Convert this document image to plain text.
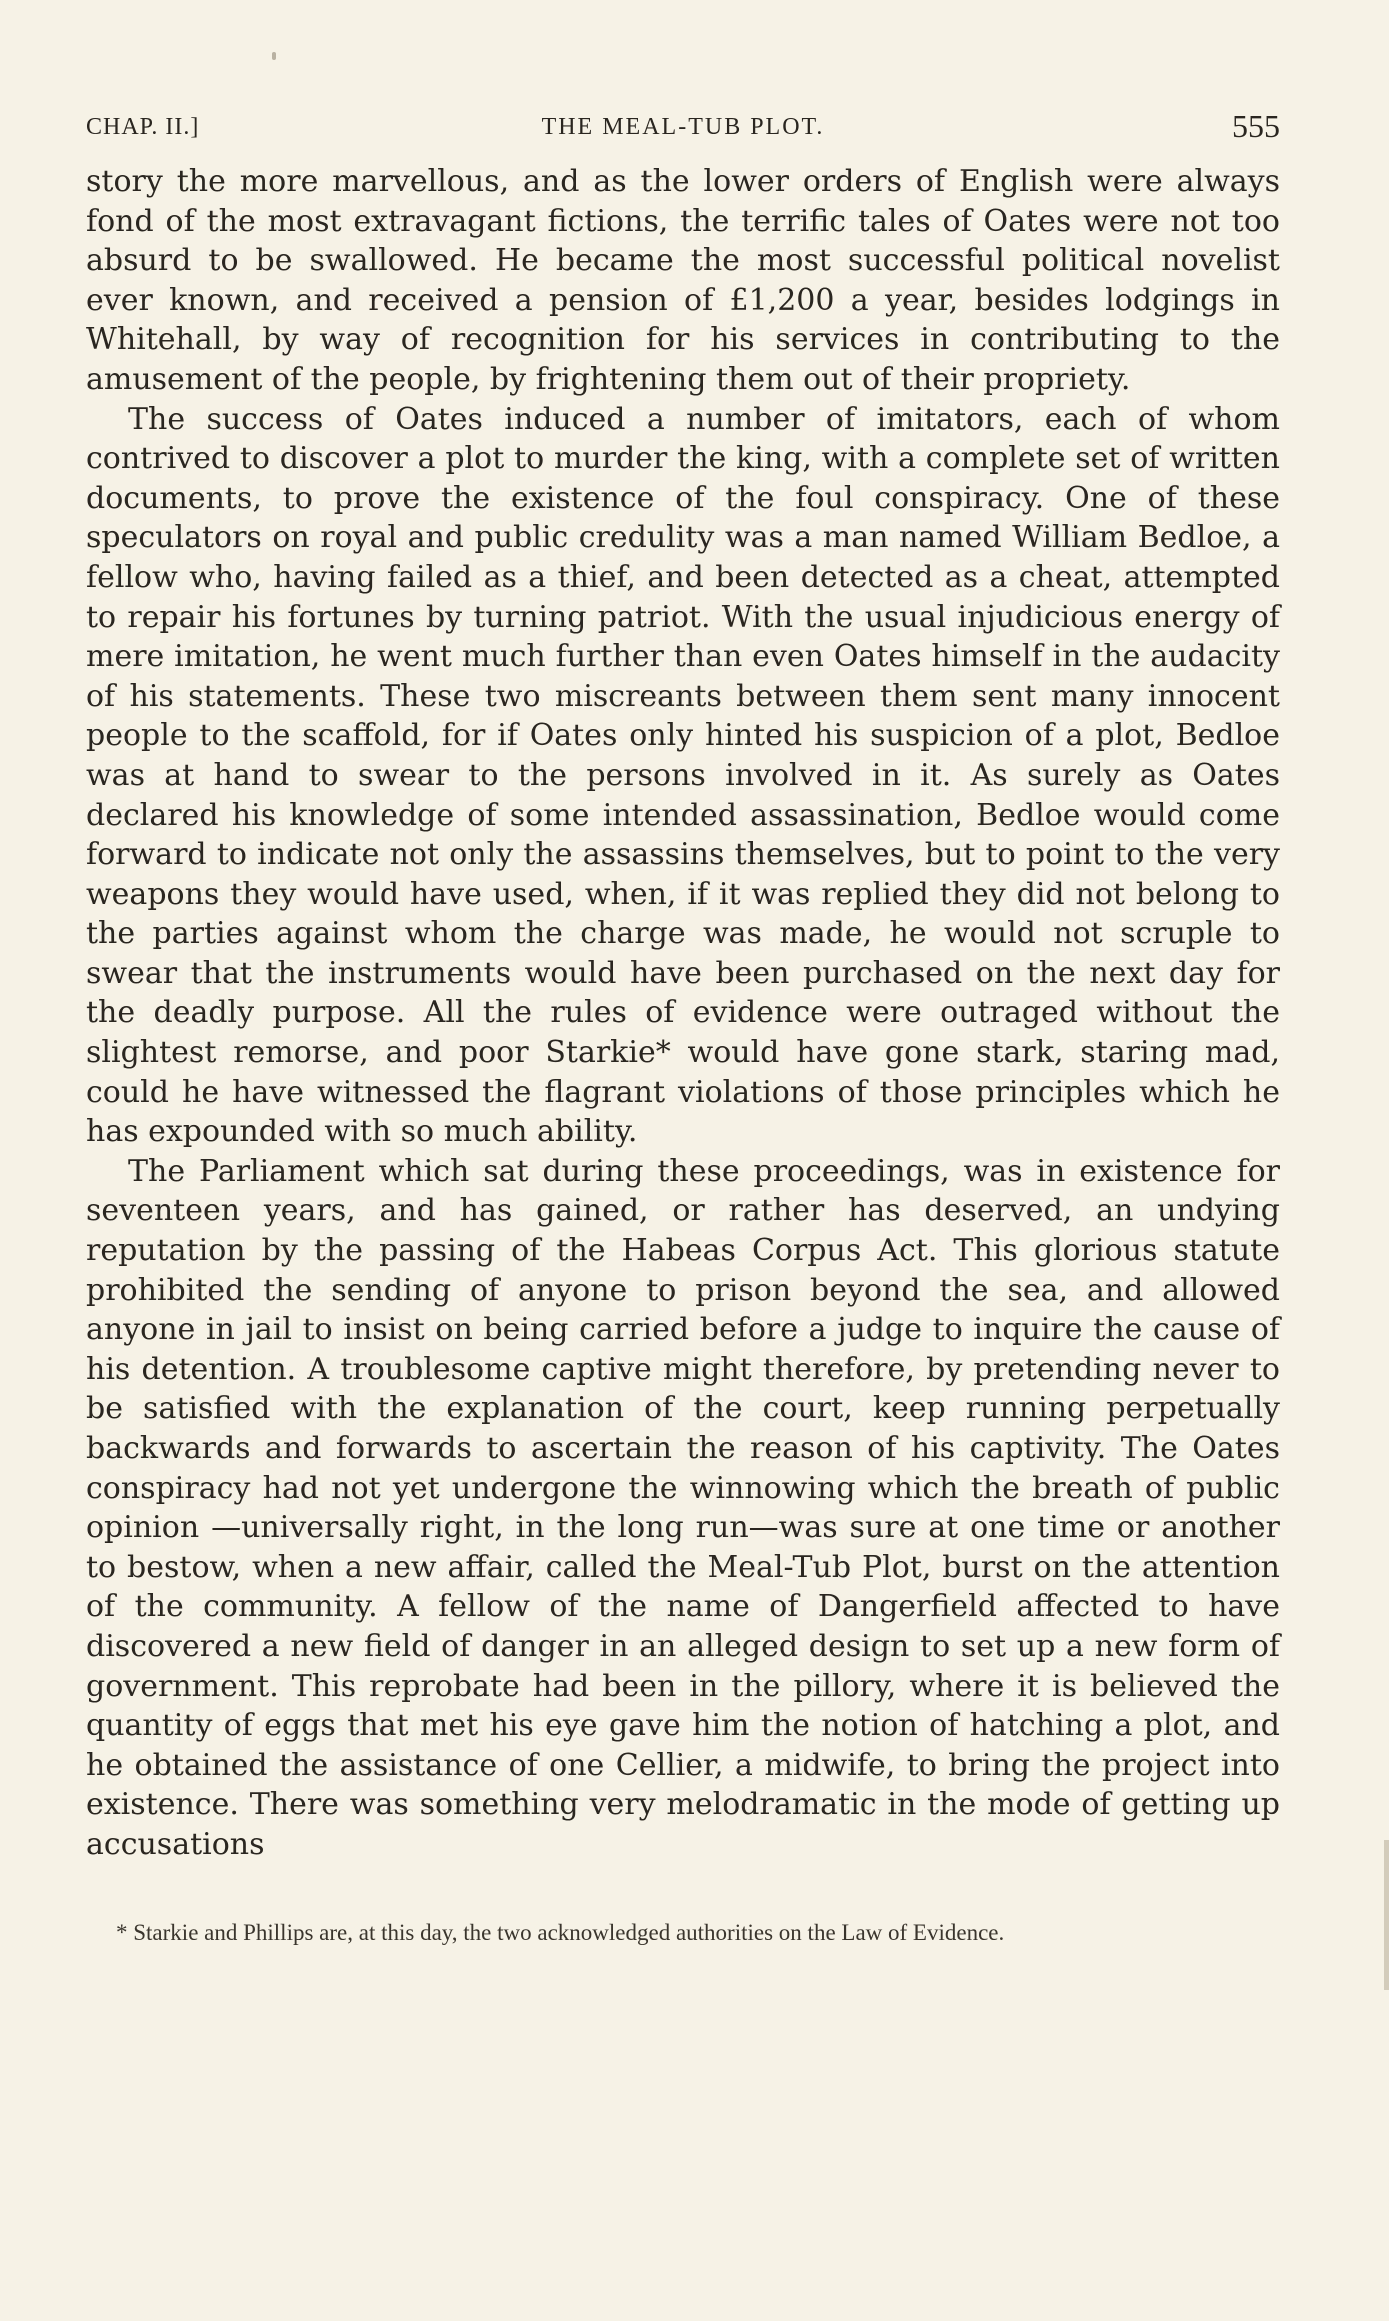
CHAP. II.]	THE MEAL-TUB PLOT.	555

story the more marvellous, and as the lower orders of English were always fond of the most extravagant fictions, the terrific tales of Oates were not too absurd to be swallowed. He became the most successful political novelist ever known, and received a pension of £1,200 a year, besides lodgings in Whitehall, by way of recognition for his services in contributing to the amusement of the people, by frightening them out of their propriety.

The success of Oates induced a number of imitators, each of whom contrived to discover a plot to murder the king, with a complete set of written documents, to prove the existence of the foul conspiracy. One of these speculators on royal and public credulity was a man named William Bedloe, a fellow who, having failed as a thief, and been detected as a cheat, attempted to repair his fortunes by turning patriot. With the usual injudicious energy of mere imitation, he went much further than even Oates himself in the audacity of his statements. These two miscreants between them sent many innocent people to the scaffold, for if Oates only hinted his suspicion of a plot, Bedloe was at hand to swear to the persons involved in it. As surely as Oates declared his knowledge of some intended assassination, Bedloe would come forward to indicate not only the assassins themselves, but to point to the very weapons they would have used, when, if it was replied they did not belong to the parties against whom the charge was made, he would not scruple to swear that the instruments would have been purchased on the next day for the deadly purpose. All the rules of evidence were outraged without the slightest remorse, and poor Starkie* would have gone stark, staring mad, could he have witnessed the flagrant violations of those principles which he has expounded with so much ability.

The Parliament which sat during these proceedings, was in existence for seventeen years, and has gained, or rather has deserved, an undying reputation by the passing of the Habeas Corpus Act. This glorious statute prohibited the sending of anyone to prison beyond the sea, and allowed anyone in jail to insist on being carried before a judge to inquire the cause of his detention. A troublesome captive might therefore, by pretending never to be satisfied with the explanation of the court, keep running perpetually backwards and forwards to ascertain the reason of his captivity. The Oates conspiracy had not yet undergone the winnowing which the breath of public opinion —universally right, in the long run—was sure at one time or another to bestow, when a new affair, called the Meal-Tub Plot, burst on the attention of the community. A fellow of the name of Dangerfield affected to have discovered a new field of danger in an alleged design to set up a new form of government. This reprobate had been in the pillory, where it is believed the quantity of eggs that met his eye gave him the notion of hatching a plot, and he obtained the assistance of one Cellier, a midwife, to bring the project into existence. There was something very melodramatic in the mode of getting up accusations

* Starkie and Phillips are, at this day, the two acknowledged authorities on the Law of Evidence.
